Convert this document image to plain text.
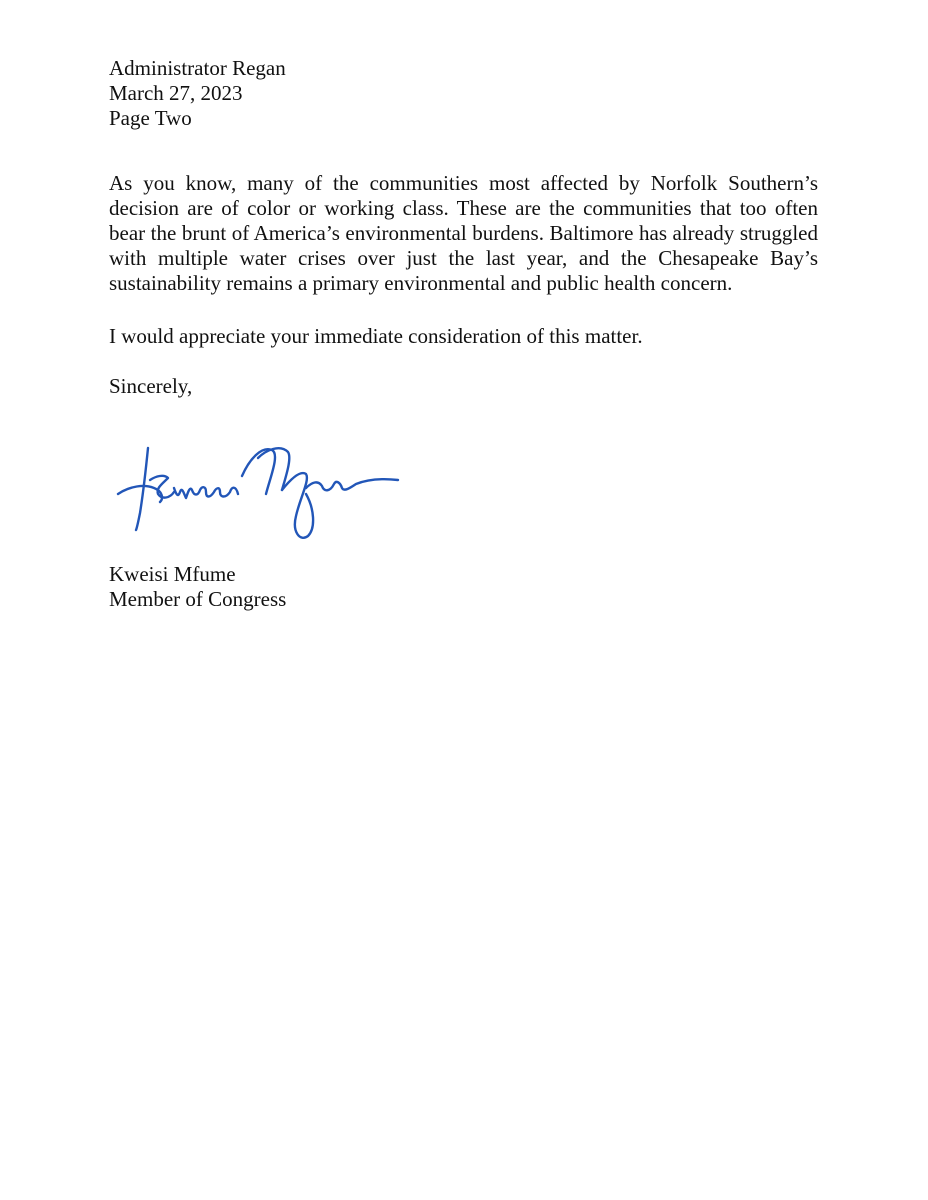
Administrator Regan
March 27, 2023
Page Two

As you know, many of the communities most affected by Norfolk Southern’s decision are of color or working class. These are the communities that too often bear the brunt of America’s environmental burdens. Baltimore has already struggled with multiple water crises over just the last year, and the Chesapeake Bay’s sustainability remains a primary environmental and public health concern.

I would appreciate your immediate consideration of this matter.

Sincerely,
Kweisi Mfume
Member of Congress
